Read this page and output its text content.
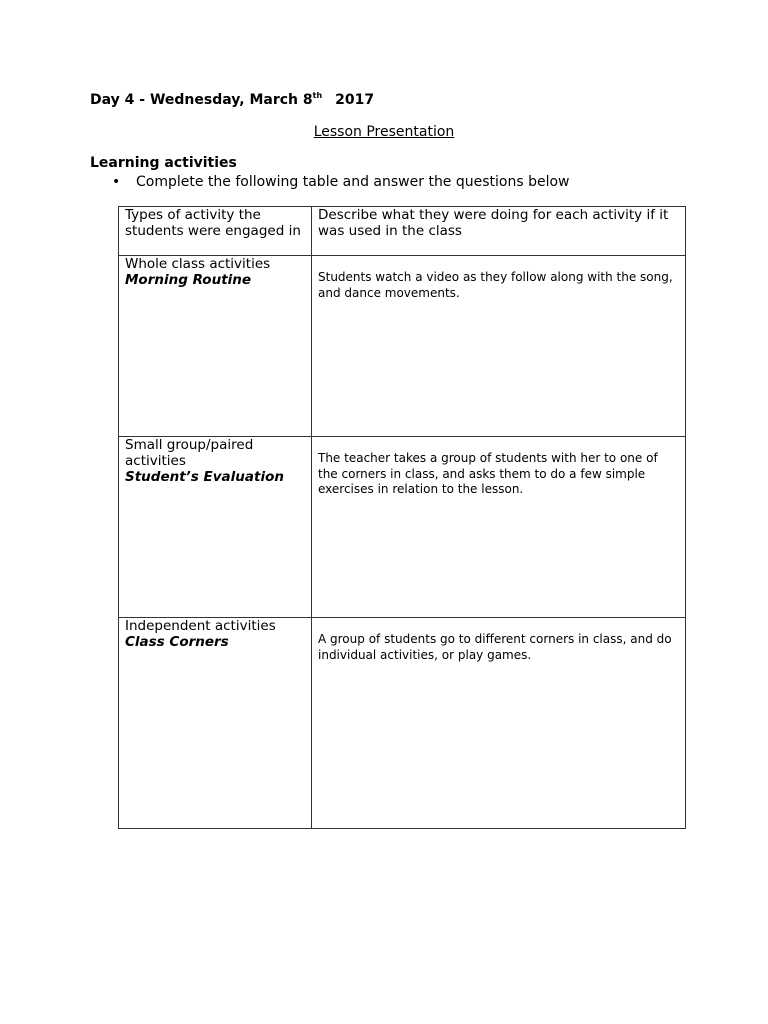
Day 4 - Wednesday, March 8th 2017
Lesson Presentation
Learning activities
• Complete the following table and answer the questions below
Types of activity the students were engaged in	Describe what they were doing for each activity if it was used in the class

Whole class activities
Morning Routine	Students watch a video as they follow along with the song, and dance movements.

Small group/paired activities
Student’s Evaluation	The teacher takes a group of students with her to one of the corners in class, and asks them to do a few simple exercises in relation to the lesson.

Independent activities
Class Corners	A group of students go to different corners in class, and do individual activities, or play games.
